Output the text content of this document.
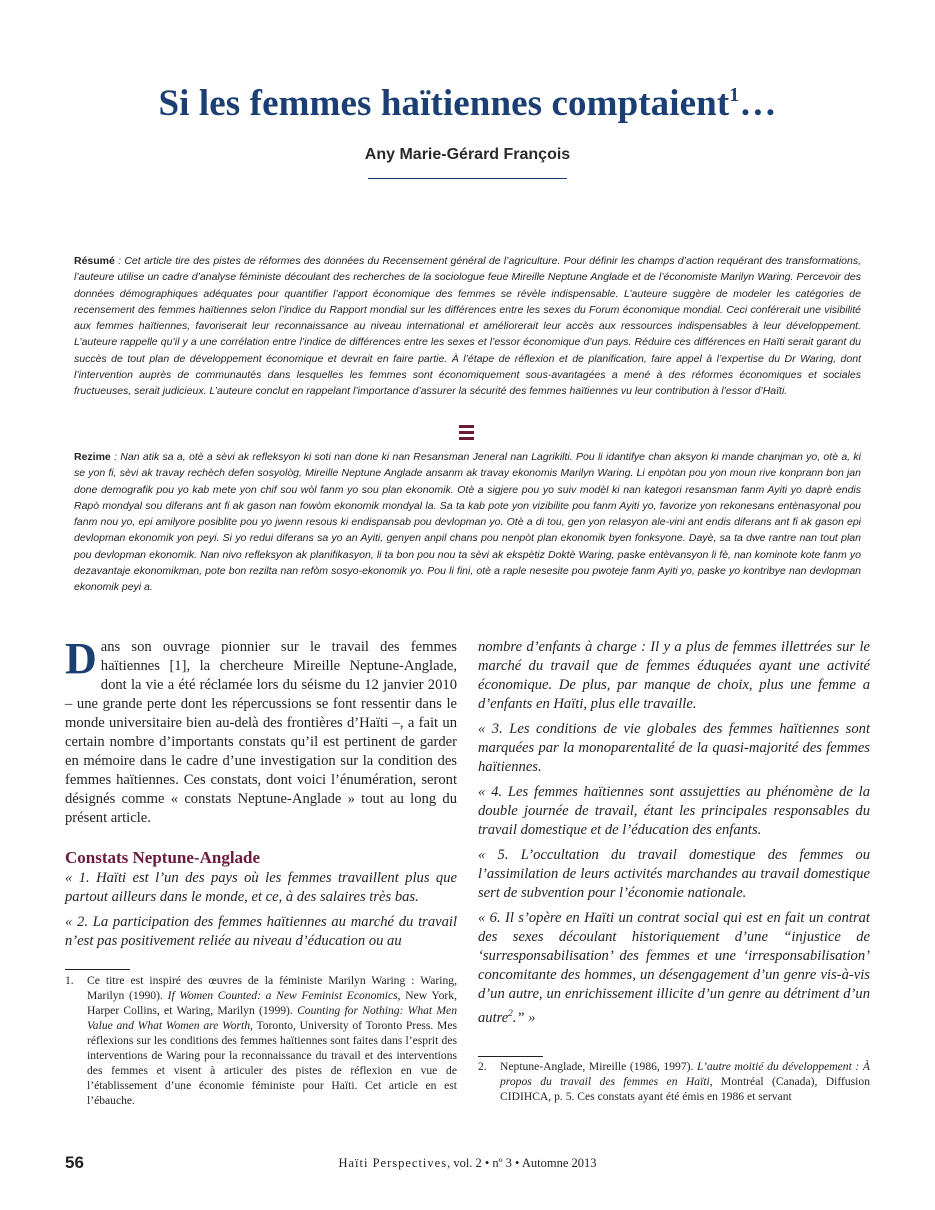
Si les femmes haïtiennes comptaient$^1$…
Any Marie-Gérard François
Résumé : Cet article tire des pistes de réformes des données du Recensement général de l’agriculture. Pour définir les champs d’action requérant des transformations, l’auteure utilise un cadre d’analyse féministe découlant des recherches de la sociologue feue Mireille Neptune Anglade et de l’économiste Marilyn Waring. Percevoir des données démographiques adéquates pour quantifier l’apport économique des femmes se révèle indispensable. L’auteure suggère de modeler les catégories de recensement des femmes haïtiennes selon l’indice du Rapport mondial sur les différences entre les sexes du Forum économique mondial. Ceci conférerait une visibilité aux femmes haïtiennes, favoriserait leur reconnaissance au niveau international et améliorerait leur accès aux ressources indispensables à leur développement. L’auteure rappelle qu’il y a une corrélation entre l’indice de différences entre les sexes et l’essor économique d’un pays. Réduire ces différences en Haïti serait garant du succès de tout plan de développement économique et devrait en faire partie. À l’étape de réflexion et de planification, faire appel à l’expertise du Dr Waring, dont l’intervention auprès de communautés dans lesquelles les femmes sont économiquement sous-avantagées a mené à des réformes économiques et sociales fructueuses, serait judicieux. L’auteure conclut en rappelant l’importance d’assurer la sécurité des femmes haïtiennes vu leur contribution à l’essor d’Haïti.
Rezime : Nan atik sa a, otè a sèvi ak refleksyon ki soti nan done ki nan Resansman Jeneral nan Lagrikilti. Pou li idantifye chan aksyon ki mande chanjman yo, otè a, ki se yon fi, sèvi ak travay rechèch defen sosyològ, Mireille Neptune Anglade ansanm ak travay ekonomis Marilyn Waring. Li enpòtan pou yon moun rive konprann bon jan done demografik pou yo kab mete yon chif sou wòl fanm yo sou plan ekonomik. Otè a sigjere pou yo suiv modèl ki nan kategori resansman fanm Ayiti yo daprè endis Rapò mondyal sou diferans ant fi ak gason nan fowòm ekonomik mondyal la. Sa ta kab pote yon vizibilite pou fanm Ayiti yo, favorize yon rekonesans entènasyonal pou fanm nou yo, epi amilyore posiblite pou yo jwenn resous ki endispansab pou devlopman yo. Otè a di tou, gen yon relasyon ale-vini ant endis diferans ant fi ak gason epi devlopman ekonomik yon peyi. Si yo redui diferans sa yo an Ayiti, genyen anpil chans pou nenpòt plan ekonomik byen fonksyone. Dayè, sa ta dwe rantre nan tout plan pou devlopman ekonomik. Nan nivo refleksyon ak planifikasyon, li ta bon pou nou ta sèvi ak ekspètiz Doktè Waring, paske entèvansyon li fè, nan kominote kote fanm yo dezavantaje ekonomikman, pote bon rezilta nan refòm sosyo-ekonomik yo. Pou li fini, otè a raple nesesite pou pwoteje fanm Ayiti yo, paske yo kontribye nan devlopman ekonomik peyi a.

Dans son ouvrage pionnier sur le travail des femmes haïtiennes [1], la chercheure Mireille Neptune-Anglade, dont la vie a été réclamée lors du séisme du 12 janvier 2010 – une grande perte dont les répercussions se font ressentir dans le monde universitaire bien au-delà des frontières d’Haïti –, a fait un certain nombre d’importants constats qu’il est pertinent de garder en mémoire dans le cadre d’une investigation sur la condition des femmes haïtiennes. Ces constats, dont voici l’énumération, seront désignés comme « constats Neptune-Anglade » tout au long du présent article.

Constats Neptune-Anglade

« 1. Haïti est l’un des pays où les femmes travaillent plus que partout ailleurs dans le monde, et ce, à des salaires très bas.

« 2. La participation des femmes haïtiennes au marché du travail n’est pas positivement reliée au niveau d’éducation ou au

nombre d’enfants à charge : Il y a plus de femmes illettrées sur le marché du travail que de femmes éduquées ayant une activité économique. De plus, par manque de choix, plus une femme a d’enfants en Haïti, plus elle travaille.

« 3. Les conditions de vie globales des femmes haïtiennes sont marquées par la monoparentalité de la quasi-majorité des femmes haïtiennes.

« 4. Les femmes haïtiennes sont assujetties au phénomène de la double journée de travail, étant les principales responsables du travail domestique et de l’éducation des enfants.

« 5. L’occultation du travail domestique des femmes ou l’assimilation de leurs activités marchandes au travail domestique sert de subvention pour l’économie nationale.

« 6. Il s’opère en Haïti un contrat social qui est en fait un contrat des sexes découlant historiquement d’une “injustice de ‘surresponsabilisation’ des femmes et une ‘irresponsabilisation’ concomitante des hommes, un désengagement d’un genre vis-à-vis d’un autre, un enrichissement illicite d’un genre au détriment d’un autre$^2$.” »

1. Ce titre est inspiré des œuvres de la féministe Marilyn Waring : Waring, Marilyn (1990). If Women Counted: a New Feminist Economics, New York, Harper Collins, et Waring, Marilyn (1999). Counting for Nothing: What Men Value and What Women are Worth, Toronto, University of Toronto Press. Mes réflexions sur les conditions des femmes haïtiennes sont faites dans l’esprit des interventions de Waring pour la reconnaissance du travail et des interventions des femmes et visent à articuler des pistes de réflexion en vue de l’établissement d’une économie féministe pour Haïti. Cet article en est l’ébauche.
2. Neptune-Anglade, Mireille (1986, 1997). L’autre moitié du développement : À propos du travail des femmes en Haïti, Montréal (Canada), Diffusion CIDIHCA, p. 5. Ces constats ayant été émis en 1986 et servant
56	Haïti Perspectives, vol. 2 • nº 3 • Automne 2013
